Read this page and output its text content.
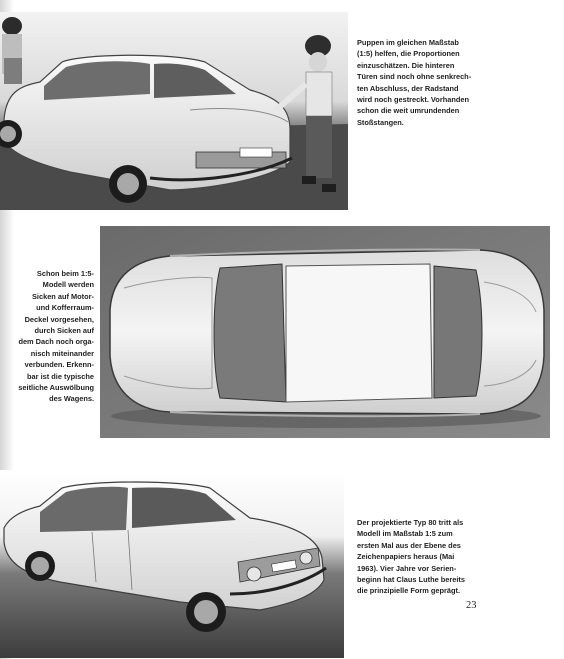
Puppen im gleichen Maßstab
(1:5) helfen, die Proportionen
einzuschätzen. Die hinteren
Türen sind noch ohne senkrech-
ten Abschluss, der Radstand
wird noch gestreckt. Vorhanden
schon die weit umrundenden
Stoßstangen.
Schon beim 1:5-
Modell werden
Sicken auf Motor-
und Kofferraum-
Deckel vorgesehen,
durch Sicken auf
dem Dach noch orga-
nisch miteinander
verbunden. Erkenn-
bar ist die typische
seitliche Auswölbung
des Wagens.
Der projektierte Typ 80 tritt als
Modell im Maßstab 1:5 zum
ersten Mal aus der Ebene des
Zeichenpapiers heraus (Mai
1963). Vier Jahre vor Serien-
beginn hat Claus Luthe bereits
die prinzipielle Form geprägt.
23
